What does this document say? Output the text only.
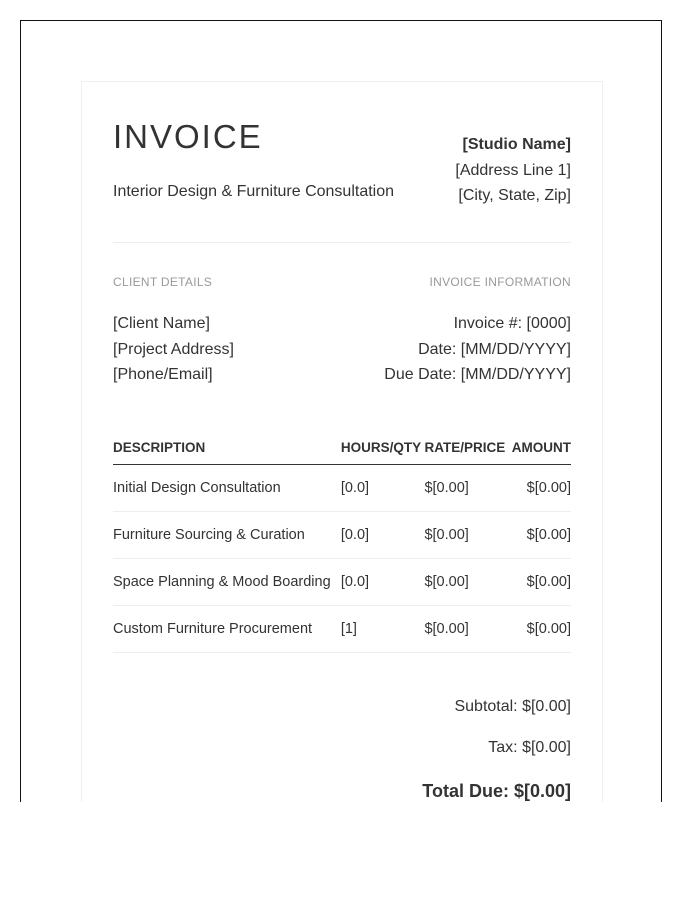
INVOICE
Interior Design & Furniture Consultation
[Studio Name]
[Address Line 1]
[City, State, Zip]
CLIENT DETAILS	INVOICE INFORMATION
[Client Name]
[Project Address]
[Phone/Email]
Invoice #: [0000]
Date: [MM/DD/YYYY]
Due Date: [MM/DD/YYYY]
DESCRIPTION	HOURS/QTY	RATE/PRICE	AMOUNT
Initial Design Consultation	[0.0]	$[0.00]	$[0.00]
Furniture Sourcing & Curation	[0.0]	$[0.00]	$[0.00]
Space Planning & Mood Boarding	[0.0]	$[0.00]	$[0.00]
Custom Furniture Procurement	[1]	$[0.00]	$[0.00]
Subtotal: $[0.00]
Tax: $[0.00]
Total Due: $[0.00]
